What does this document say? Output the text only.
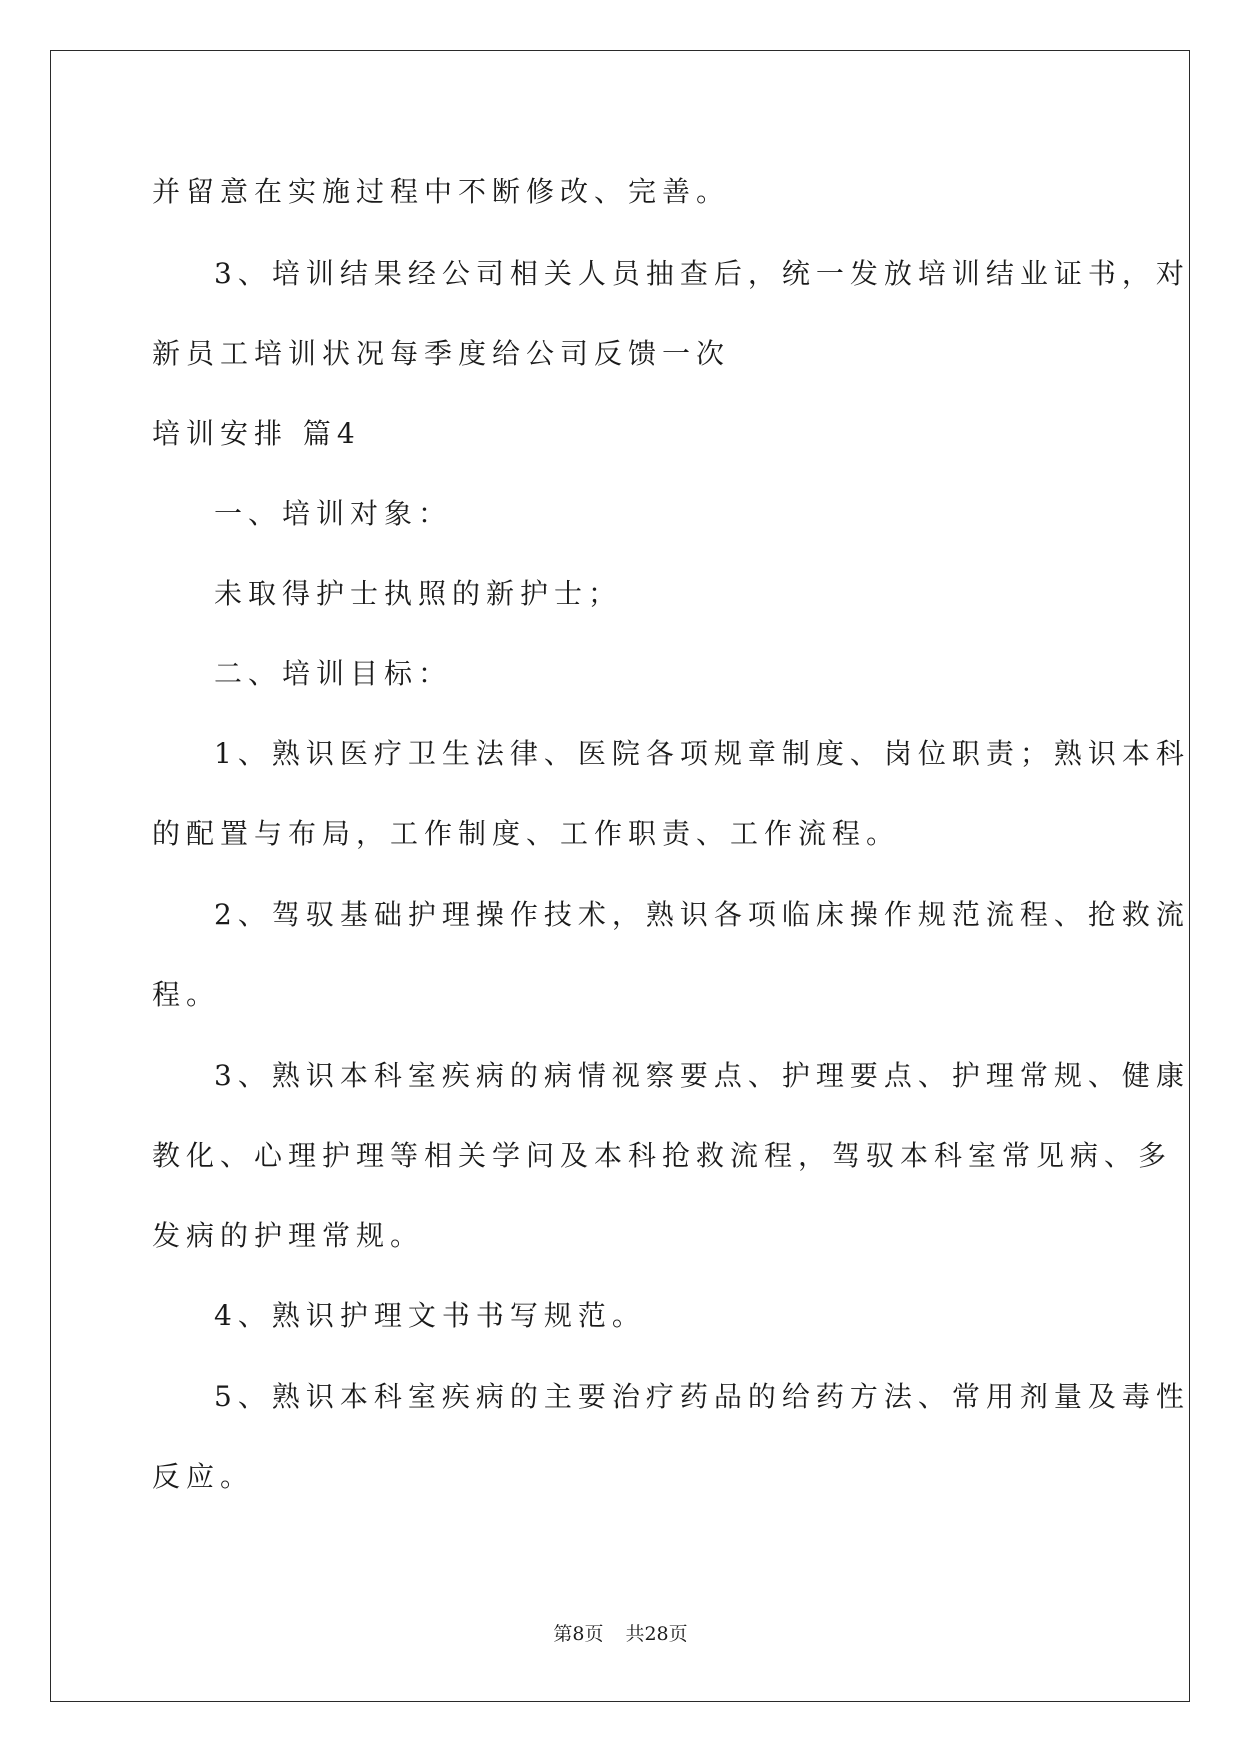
并留意在实施过程中不断修改、完善。
3、培训结果经公司相关人员抽查后，统一发放培训结业证书，对
新员工培训状况每季度给公司反馈一次
培训安排 篇4
一、培训对象：
未取得护士执照的新护士；
二、培训目标：
1、熟识医疗卫生法律、医院各项规章制度、岗位职责；熟识本科
的配置与布局，工作制度、工作职责、工作流程。
2、驾驭基础护理操作技术，熟识各项临床操作规范流程、抢救流
程。
3、熟识本科室疾病的病情视察要点、护理要点、护理常规、健康
教化、心理护理等相关学问及本科抢救流程，驾驭本科室常见病、多
发病的护理常规。
4、熟识护理文书书写规范。
5、熟识本科室疾病的主要治疗药品的给药方法、常用剂量及毒性
反应。
第8页 共28页
